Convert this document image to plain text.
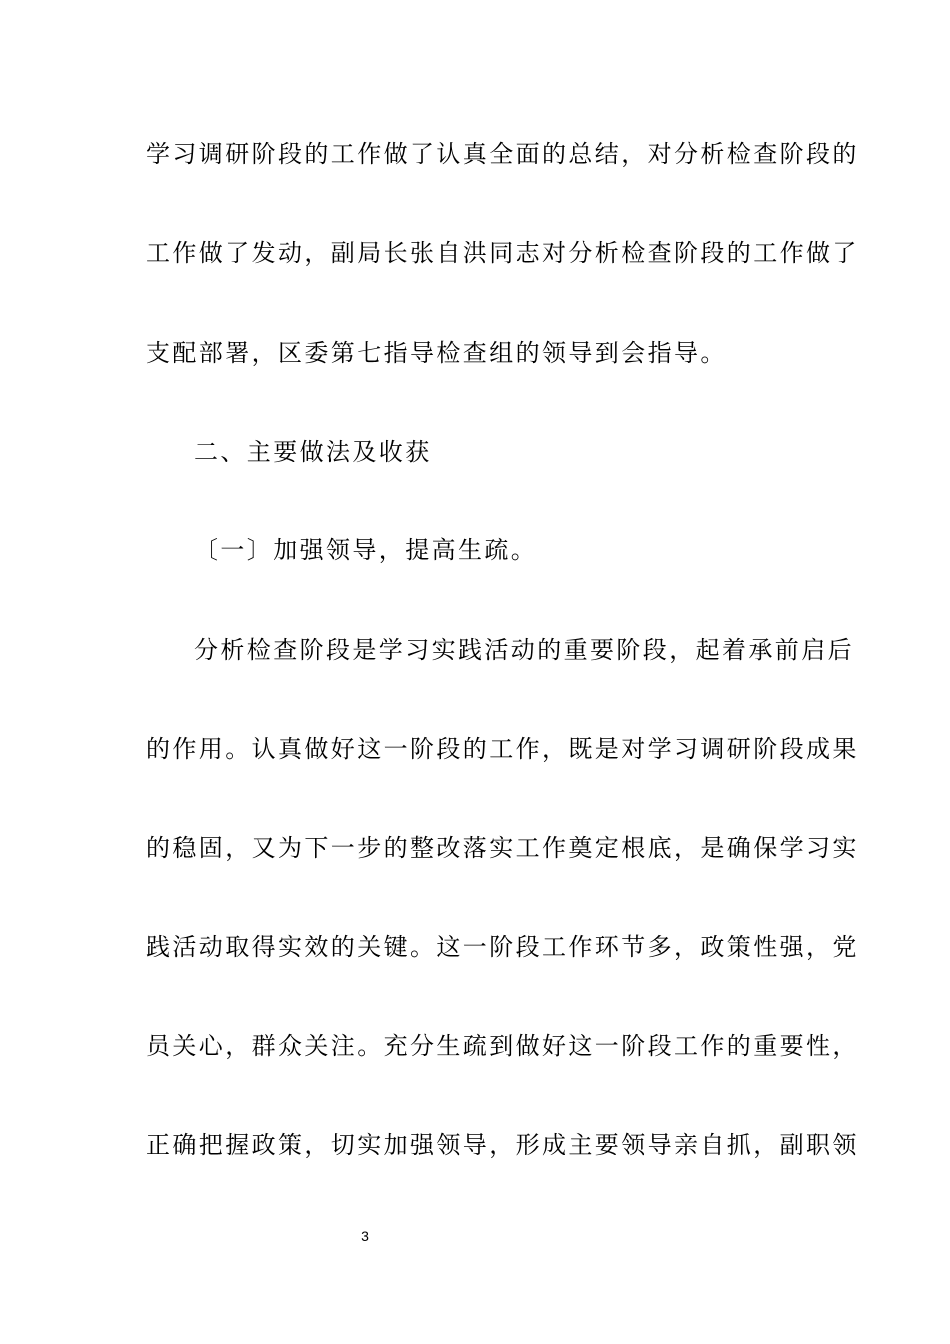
学习调研阶段的工作做了认真全面的总结，对分析检查阶段的
工作做了发动，副局长张自洪同志对分析检查阶段的工作做了
支配部署，区委第七指导检查组的领导到会指导。
二、主要做法及收获
〔一〕加强领导，提高生疏。
分析检查阶段是学习实践活动的重要阶段，起着承前启后
的作用。认真做好这一阶段的工作，既是对学习调研阶段成果
的稳固，又为下一步的整改落实工作奠定根底，是确保学习实
践活动取得实效的关键。这一阶段工作环节多，政策性强，党
员关心，群众关注。充分生疏到做好这一阶段工作的重要性，
正确把握政策，切实加强领导，形成主要领导亲自抓，副职领
3
